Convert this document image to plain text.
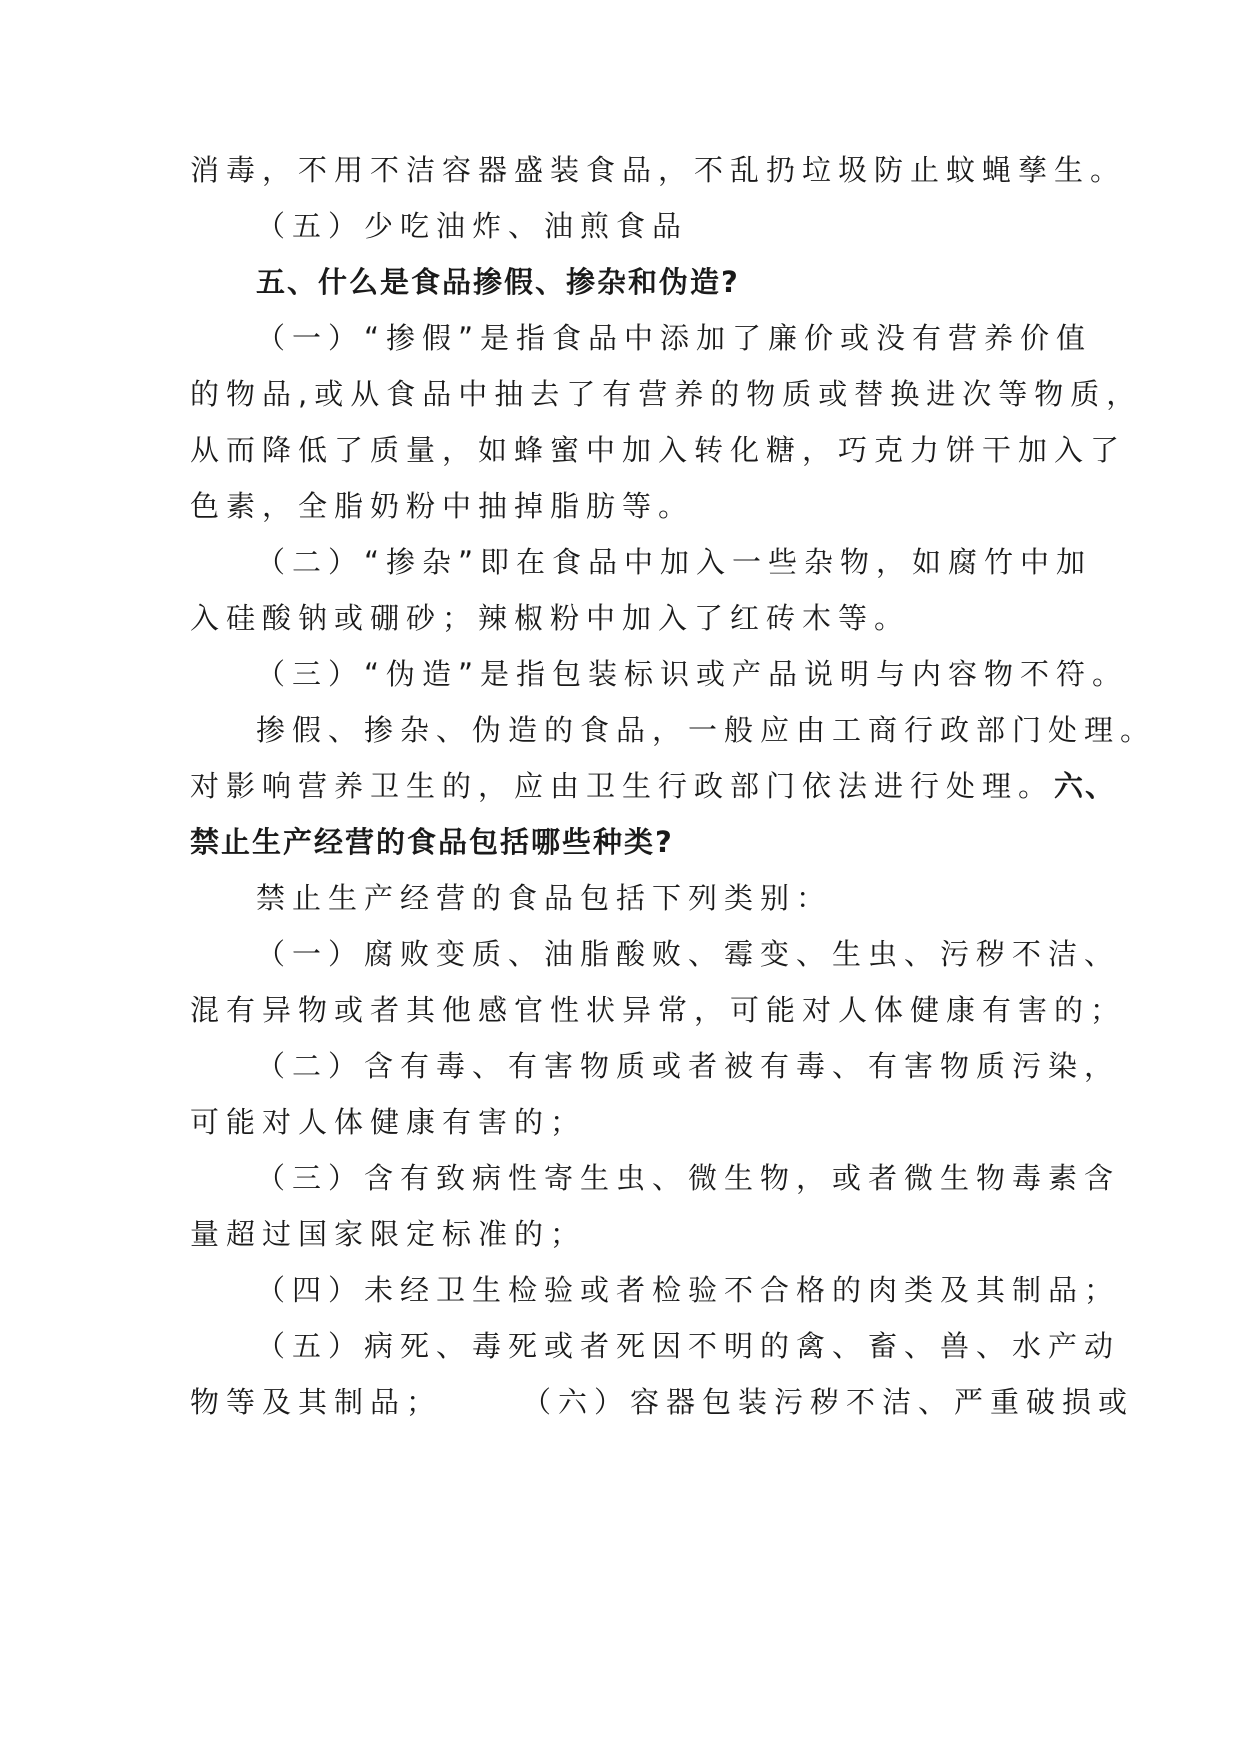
消毒，不用不洁容器盛装食品，不乱扔垃圾防止蚊蝇孳生。
（五）少吃油炸、油煎食品
五、什么是食品掺假、掺杂和伪造?
（一）“掺假”是指食品中添加了廉价或没有营养价值
的物品,或从食品中抽去了有营养的物质或替换进次等物质，
从而降低了质量，如蜂蜜中加入转化糖，巧克力饼干加入了
色素，全脂奶粉中抽掉脂肪等。
（二）“掺杂”即在食品中加入一些杂物，如腐竹中加
入硅酸钠或硼砂；辣椒粉中加入了红砖木等。
（三）“伪造”是指包装标识或产品说明与内容物不符。
掺假、掺杂、伪造的食品，一般应由工商行政部门处理。
对影响营养卫生的，应由卫生行政部门依法进行处理。六、
禁止生产经营的食品包括哪些种类?
禁止生产经营的食品包括下列类别：
（一）腐败变质、油脂酸败、霉变、生虫、污秽不洁、
混有异物或者其他感官性状异常，可能对人体健康有害的；
（二）含有毒、有害物质或者被有毒、有害物质污染，
可能对人体健康有害的；
（三）含有致病性寄生虫、微生物，或者微生物毒素含
量超过国家限定标准的；
（四）未经卫生检验或者检验不合格的肉类及其制品；
（五）病死、毒死或者死因不明的禽、畜、兽、水产动
物等及其制品；	（六）容器包装污秽不洁、严重破损或
